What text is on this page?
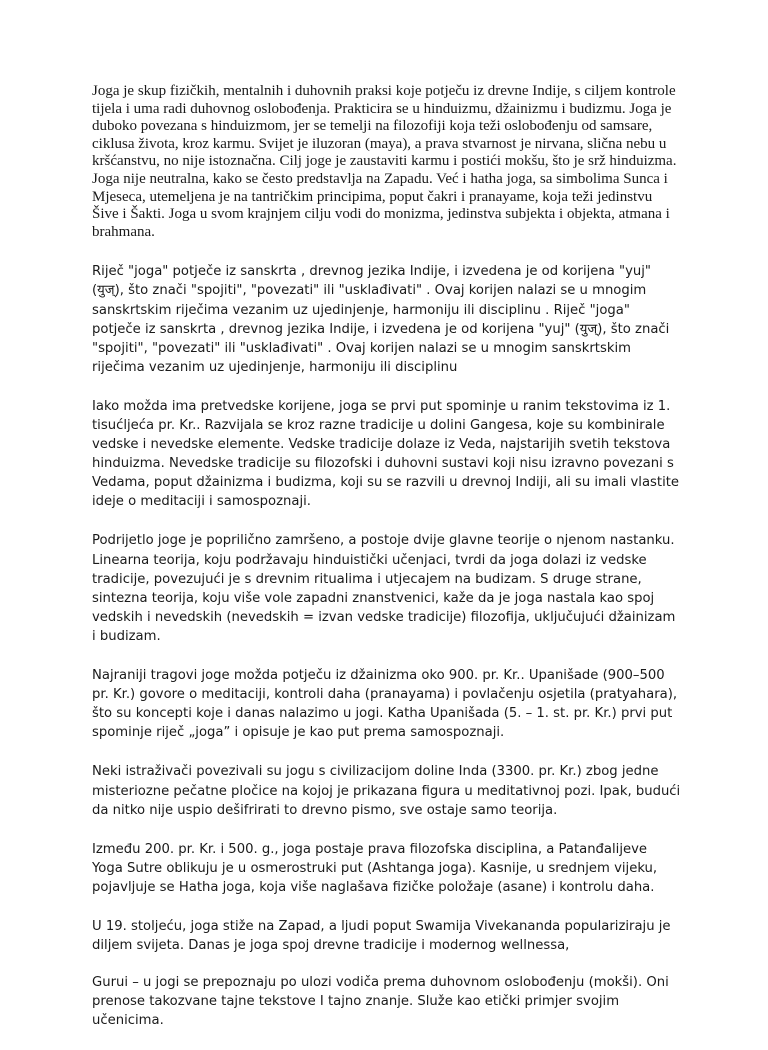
Joga je skup fizičkih, mentalnih i duhovnih praksi koje potječu iz drevne Indije, s ciljem kontrole tijela i uma radi duhovnog oslobođenja. Prakticira se u hinduizmu, džainizmu i budizmu. Joga je duboko povezana s hinduizmom, jer se temelji na filozofiji koja teži oslobođenju od samsare, ciklusa života, kroz karmu. Svijet je iluzoran (maya), a prava stvarnost je nirvana, slična nebu u kršćanstvu, no nije istoznačna. Cilj joge je zaustaviti karmu i postići mokšu, što je srž hinduizma. Joga nije neutralna, kako se često predstavlja na Zapadu. Već i hatha joga, sa simbolima Sunca i Mjeseca, utemeljena je na tantričkim principima, poput čakri i pranayame, koja teži jedinstvu Šive i Šakti. Joga u svom krajnjem cilju vodi do monizma, jedinstva subjekta i objekta, atmana i brahmana.

Riječ "joga" potječe iz sanskrta , drevnog jezika Indije, i izvedena je od korijena "yuj" (युज्), što znači "spojiti", "povezati" ili "usklađivati" . Ovaj korijen nalazi se u mnogim sanskrtskim riječima vezanim uz ujedinjenje, harmoniju ili disciplinu . Riječ "joga" potječe iz sanskrta , drevnog jezika Indije, i izvedena je od korijena "yuj" (युज्), što znači "spojiti", "povezati" ili "usklađivati" . Ovaj korijen nalazi se u mnogim sanskrtskim riječima vezanim uz ujedinjenje, harmoniju ili disciplinu

Iako možda ima pretvedske korijene, joga se prvi put spominje u ranim tekstovima iz 1. tisućljeća pr. Kr.. Razvijala se kroz razne tradicije u dolini Gangesa, koje su kombinirale vedske i nevedske elemente. Vedske tradicije dolaze iz Veda, najstarijih svetih tekstova hinduizma. Nevedske tradicije su filozofski i duhovni sustavi koji nisu izravno povezani s Vedama, poput džainizma i budizma, koji su se razvili u drevnoj Indiji, ali su imali vlastite ideje o meditaciji i samospoznaji.

Podrijetlo joge je poprilično zamršeno, a postoje dvije glavne teorije o njenom nastanku. Linearna teorija, koju podržavaju hinduistički učenjaci, tvrdi da joga dolazi iz vedske tradicije, povezujući je s drevnim ritualima i utjecajem na budizam. S druge strane, sintezna teorija, koju više vole zapadni znanstvenici, kaže da je joga nastala kao spoj vedskih i nevedskih (nevedskih = izvan vedske tradicije) filozofija, uključujući džainizam i budizam.

Najraniji tragovi joge možda potječu iz džainizma oko 900. pr. Kr.. Upanišade (900–500 pr. Kr.) govore o meditaciji, kontroli daha (pranayama) i povlačenju osjetila (pratyahara), što su koncepti koje i danas nalazimo u jogi. Katha Upanišada (5. – 1. st. pr. Kr.) prvi put spominje riječ „joga” i opisuje je kao put prema samospoznaji.

Neki istraživači povezivali su jogu s civilizacijom doline Inda (3300. pr. Kr.) zbog jedne misteriozne pečatne pločice na kojoj je prikazana figura u meditativnoj pozi. Ipak, budući da nitko nije uspio dešifrirati to drevno pismo, sve ostaje samo teorija.

Između 200. pr. Kr. i 500. g., joga postaje prava filozofska disciplina, a Patanđalijeve Yoga Sutre oblikuju je u osmerostruki put (Ashtanga joga). Kasnije, u srednjem vijeku, pojavljuje se Hatha joga, koja više naglašava fizičke položaje (asane) i kontrolu daha.

U 19. stoljeću, joga stiže na Zapad, a ljudi poput Swamija Vivekananda populariziraju je diljem svijeta. Danas je joga spoj drevne tradicije i modernog wellnessa,

Gurui – u jogi se prepoznaju po ulozi vodiča prema duhovnom oslobođenju (mokši). Oni prenose takozvane tajne tekstove I tajno znanje. Služe kao etički primjer svojim učenicima.
